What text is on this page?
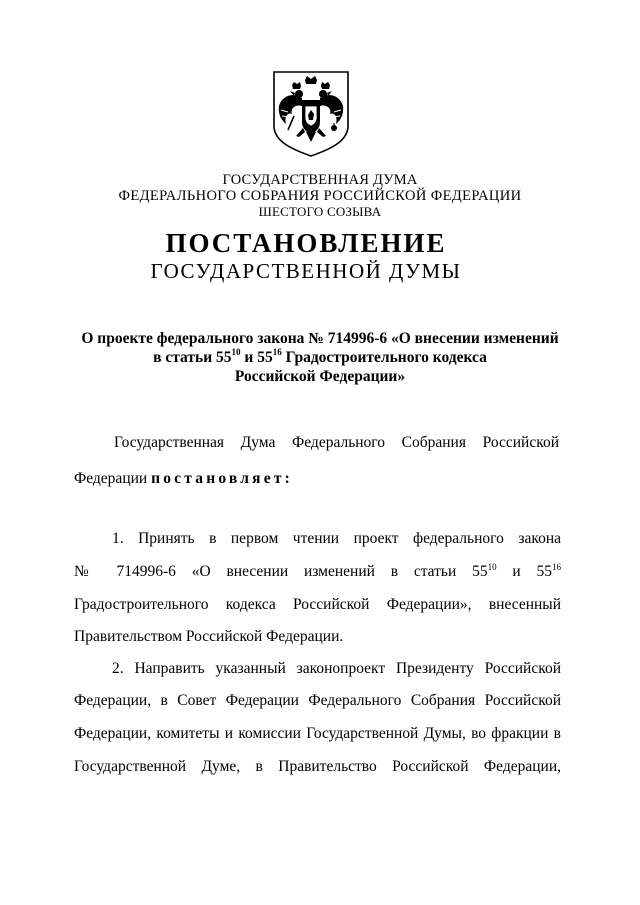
ГОСУДАРСТВЕННАЯ ДУМА
ФЕДЕРАЛЬНОГО СОБРАНИЯ РОССИЙСКОЙ ФЕДЕРАЦИИ
ШЕСТОГО СОЗЫВА
ПОСТАНОВЛЕНИЕ
ГОСУДАРСТВЕННОЙ ДУМЫ
О проекте федерального закона № 714996-6 «О внесении изменений
в статьи $55^{10}$ и $55^{16}$ Градостроительного кодекса
Российской Федерации»
Государственная Дума Федерального Собрания Российской
Федерации постановляет:
1. Принять в первом чтении проект федерального закона
№ 714996-6 «О внесении изменений в статьи $55^{10}$ и $55^{16}$
Градостроительного кодекса Российской Федерации», внесенный
Правительством Российской Федерации.
2. Направить указанный законопроект Президенту Российской
Федерации, в Совет Федерации Федерального Собрания Российской
Федерации, комитеты и комиссии Государственной Думы, во фракции в
Государственной Думе, в Правительство Российской Федерации,
